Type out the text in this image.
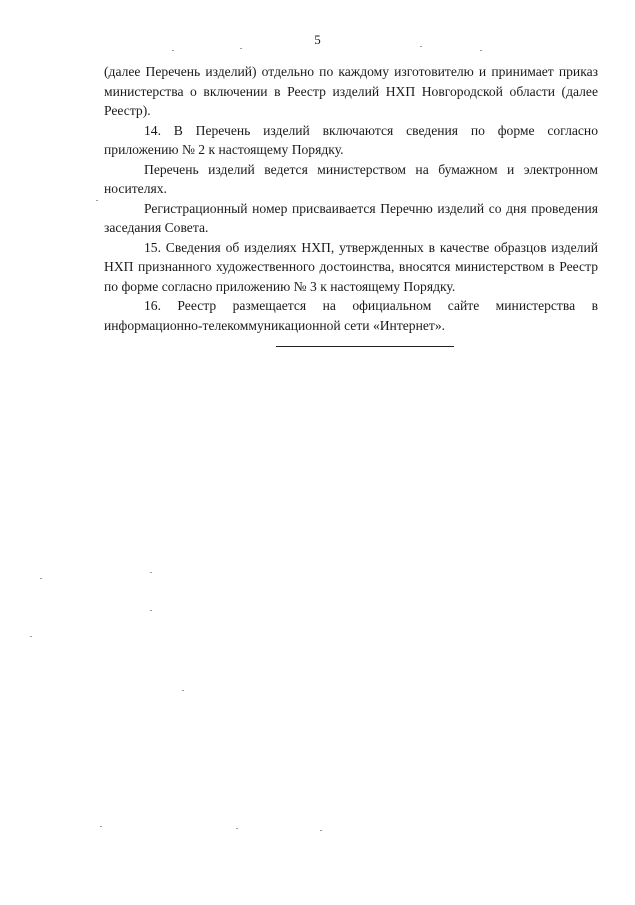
5

(далее Перечень изделий) отдельно по каждому изготовителю и принимает приказ министерства о включении в Реестр изделий НХП Новгородской области (далее Реестр).

14. В Перечень изделий включаются сведения по форме согласно приложению № 2 к настоящему Порядку.

Перечень изделий ведется министерством на бумажном и электронном носителях.

Регистрационный номер присваивается Перечню изделий со дня проведения заседания Совета.

15. Сведения об изделиях НХП, утвержденных в качестве образцов изделий НХП признанного художественного достоинства, вносятся министерством в Реестр по форме согласно приложению № 3 к настоящему Порядку.

16. Реестр размещается на официальном сайте министерства в информационно-телекоммуникационной сети «Интернет».
